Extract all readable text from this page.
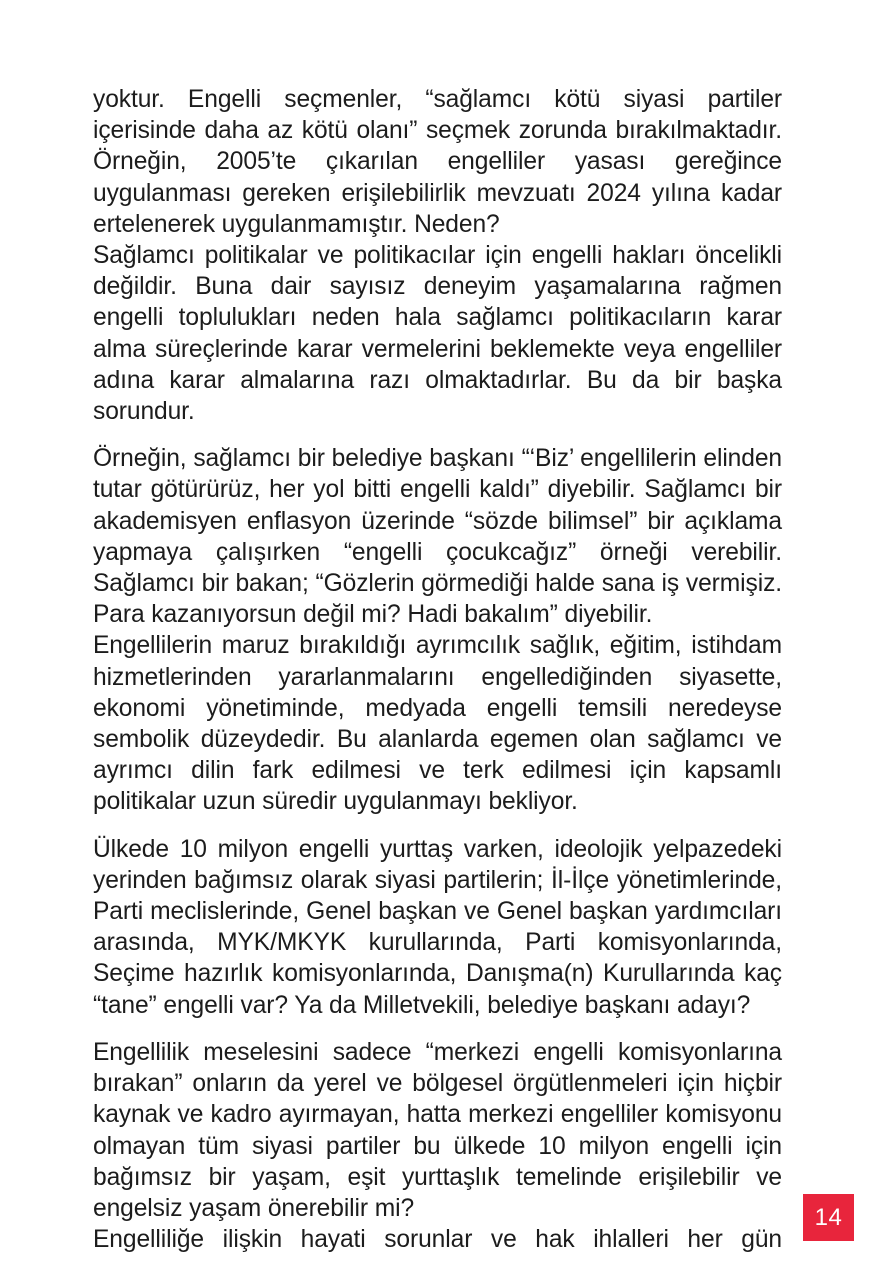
yoktur. Engelli seçmenler, “sağlamcı kötü siyasi partiler içerisinde daha az kötü olanı” seçmek zorunda bırakılmaktadır. Örneğin, 2005’te çıkarılan engelliler yasası gereğince uygulanması gereken erişilebilirlik mevzuatı 2024 yılına kadar ertelenerek uygulanmamıştır. Neden?

Sağlamcı politikalar ve politikacılar için engelli hakları öncelikli değildir. Buna dair sayısız deneyim yaşamalarına rağmen engelli toplulukları neden hala sağlamcı politikacıların karar alma süreçlerinde karar vermelerini beklemekte veya engelliler adına karar almalarına razı olmaktadırlar. Bu da bir başka sorundur.

Örneğin, sağlamcı bir belediye başkanı “‘Biz’ engellilerin elinden tutar götürürüz, her yol bitti engelli kaldı” diyebilir. Sağlamcı bir akademisyen enflasyon üzerinde “sözde bilimsel” bir açıklama yapmaya çalışırken “engelli çocukcağız” örneği verebilir. Sağlamcı bir bakan; “Gözlerin görmediği halde sana iş vermişiz. Para kazanıyorsun değil mi? Hadi bakalım” diyebilir.

Engellilerin maruz bırakıldığı ayrımcılık sağlık, eğitim, istihdam hizmetlerinden yararlanmalarını engellediğinden siyasette, ekonomi yönetiminde, medyada engelli temsili neredeyse sembolik düzeydedir. Bu alanlarda egemen olan sağlamcı ve ayrımcı dilin fark edilmesi ve terk edilmesi için kapsamlı politikalar uzun süredir uygulanmayı bekliyor.

Ülkede 10 milyon engelli yurttaş varken, ideolojik yelpazedeki yerinden bağımsız olarak siyasi partilerin; İl-İlçe yönetimlerinde, Parti meclislerinde, Genel başkan ve Genel başkan yardımcıları arasında, MYK/MKYK kurullarında, Parti komisyonlarında, Seçime hazırlık komisyonlarında, Danışma(n) Kurullarında kaç “tane” engelli var? Ya da Milletvekili, belediye başkanı adayı?

Engellilik meselesini sadece “merkezi engelli komisyonlarına bırakan” onların da yerel ve bölgesel örgütlenmeleri için hiçbir kaynak ve kadro ayırmayan, hatta merkezi engelliler komisyonu olmayan tüm siyasi partiler bu ülkede 10 milyon engelli için bağımsız bir yaşam, eşit yurttaşlık temelinde erişilebilir ve engelsiz yaşam önerebilir mi?

Engelliliğe ilişkin hayati sorunlar ve hak ihlalleri her gün

14
